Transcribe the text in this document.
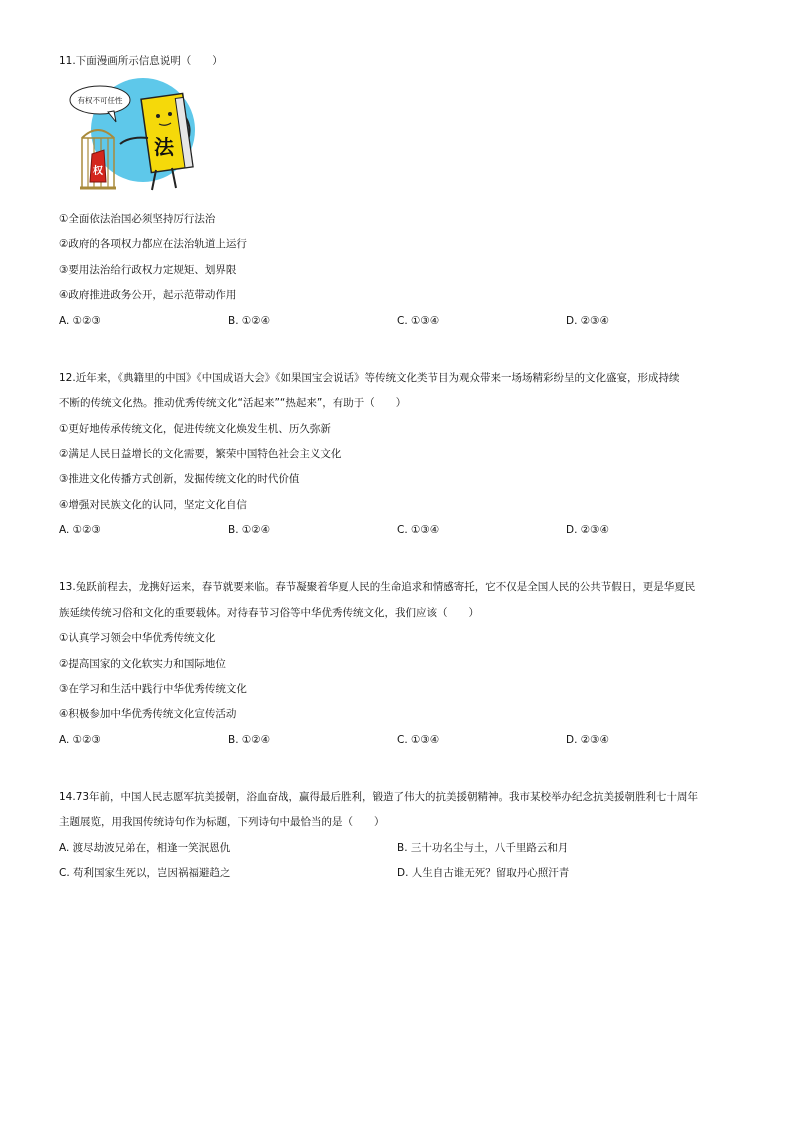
11.下面漫画所示信息说明（　　）
有权不可任性
法
权
①全面依法治国必须坚持厉行法治
②政府的各项权力都应在法治轨道上运行
③要用法治给行政权力定规矩、划界限
④政府推进政务公开，起示范带动作用
A. ①②③	B. ①②④	C. ①③④	D. ②③④
12.近年来，《典籍里的中国》《中国成语大会》《如果国宝会说话》等传统文化类节目为观众带来一场场精彩纷呈的文化盛宴，形成持续
不断的传统文化热。推动优秀传统文化“活起来”“热起来”，有助于（　　）
①更好地传承传统文化，促进传统文化焕发生机、历久弥新
②满足人民日益增长的文化需要，繁荣中国特色社会主义文化
③推进文化传播方式创新，发掘传统文化的时代价值
④增强对民族文化的认同，坚定文化自信
A. ①②③	B. ①②④	C. ①③④	D. ②③④
13.兔跃前程去，龙携好运来，春节就要来临。春节凝聚着华夏人民的生命追求和情感寄托，它不仅是全国人民的公共节假日，更是华夏民
族延续传统习俗和文化的重要载体。对待春节习俗等中华优秀传统文化，我们应该（　　）
①认真学习领会中华优秀传统文化
②提高国家的文化软实力和国际地位
③在学习和生活中践行中华优秀传统文化
④积极参加中华优秀传统文化宣传活动
A. ①②③	B. ①②④	C. ①③④	D. ②③④
14.73年前，中国人民志愿军抗美援朝，浴血奋战，赢得最后胜利，锻造了伟大的抗美援朝精神。我市某校举办纪念抗美援朝胜利七十周年
主题展览，用我国传统诗句作为标题，下列诗句中最恰当的是（　　）
A. 渡尽劫波兄弟在，相逢一笑泯恩仇	B. 三十功名尘与土，八千里路云和月
C. 苟利国家生死以，岂因祸福避趋之	D. 人生自古谁无死？留取丹心照汗青
